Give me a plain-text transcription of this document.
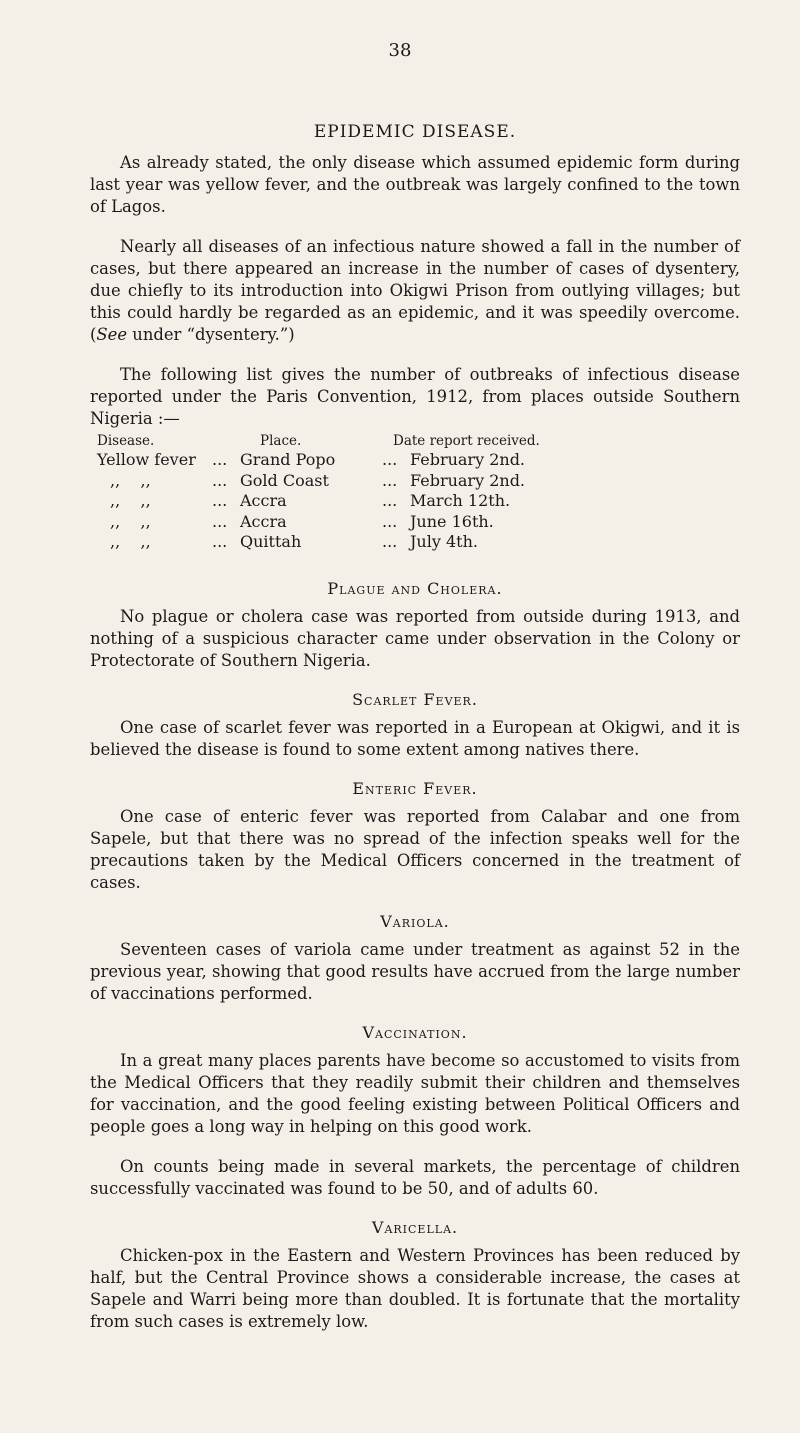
38
EPIDEMIC DISEASE.

As already stated, the only disease which assumed epidemic form during last year was yellow fever, and the outbreak was largely confined to the town of Lagos.

Nearly all diseases of an infectious nature showed a fall in the number of cases, but there appeared an increase in the number of cases of dysentery, due chiefly to its introduction into Okigwi Prison from outlying villages; but this could hardly be regarded as an epidemic, and it was speedily overcome. (See under “dysentery.”)

The following list gives the number of outbreaks of infectious disease reported under the Paris Convention, 1912, from places outside Southern Nigeria :—

Disease.	Place.	Date report received.
Yellow fever	... Grand Popo	... February 2nd.
,,    ,,	... Gold Coast	... February 2nd.
,,    ,,	... Accra	... March 12th.
,,    ,,	... Accra	... June 16th.
,,    ,,	... Quittah	... July 4th.
Plague and Cholera.

No plague or cholera case was reported from outside during 1913, and nothing of a suspicious character came under observation in the Colony or Protectorate of Southern Nigeria.

Scarlet Fever.

One case of scarlet fever was reported in a European at Okigwi, and it is believed the disease is found to some extent among natives there.

Enteric Fever.

One case of enteric fever was reported from Calabar and one from Sapele, but that there was no spread of the infection speaks well for the precautions taken by the Medical Officers concerned in the treatment of cases.

Variola.

Seventeen cases of variola came under treatment as against 52 in the previous year, showing that good results have accrued from the large number of vaccinations performed.

Vaccination.

In a great many places parents have become so accustomed to visits from the Medical Officers that they readily submit their children and themselves for vaccination, and the good feeling existing between Political Officers and people goes a long way in helping on this good work.

On counts being made in several markets, the percentage of children successfully vaccinated was found to be 50, and of adults 60.

Varicella.

Chicken-pox in the Eastern and Western Provinces has been reduced by half, but the Central Province shows a considerable increase, the cases at Sapele and Warri being more than doubled. It is fortunate that the mortality from such cases is extremely low.
